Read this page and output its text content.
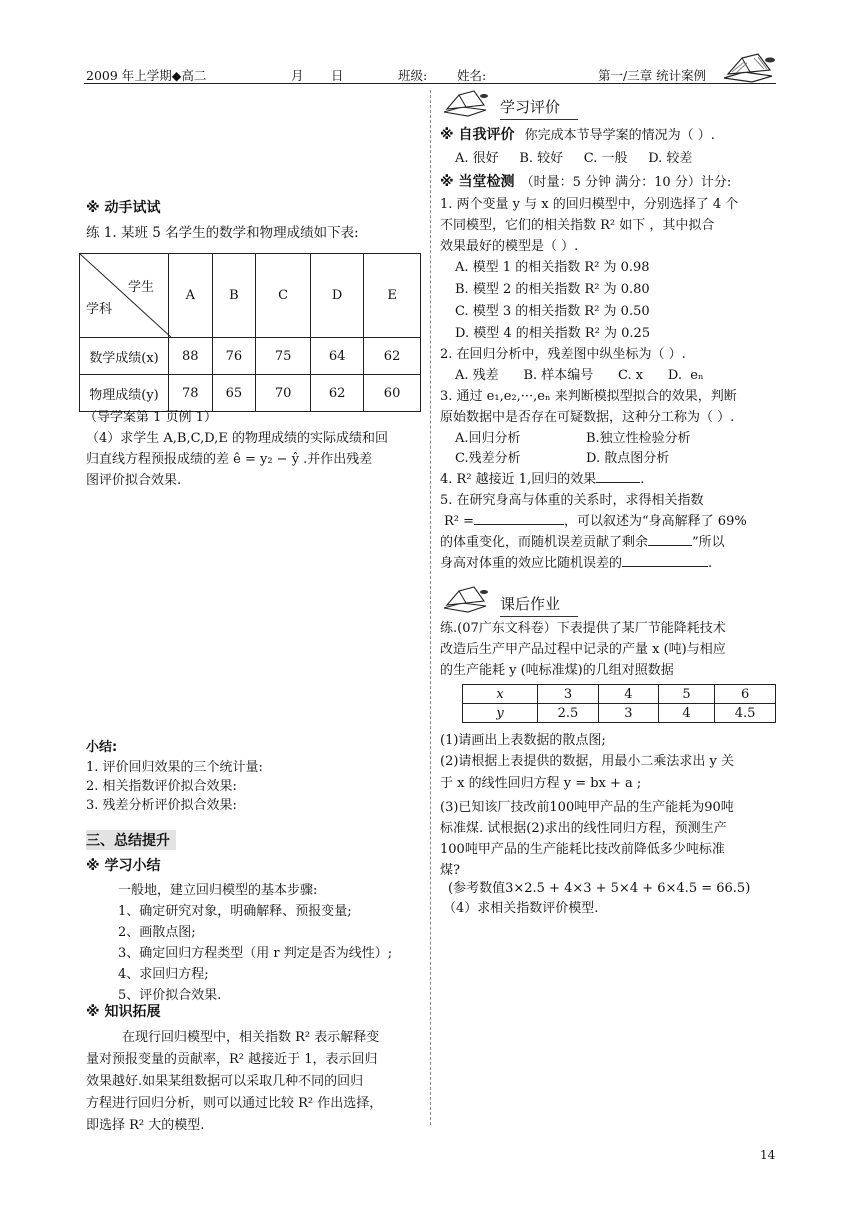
2009 年上学期◆高二	月 日	班级: 姓名:	第一/三章 统计案例
※ 动手试试
练 1. 某班 5 名学生的数学和物理成绩如下表:
学生
学科	A	B	C	D	E
数学成绩(x)	88	76	75	64	62
物理成绩(y)	78	65	70	62	60
（导学案第 1 页例 1）
（4）求学生 A,B,C,D,E 的物理成绩的实际成绩和回
归直线方程预报成绩的差 ê = y₂ − ŷ .并作出残差
图评价拟合效果.
小结:
1. 评价回归效果的三个统计量:
2. 相关指数评价拟合效果:
3. 残差分析评价拟合效果:
三、总结提升
※ 学习小结
一般地，建立回归模型的基本步骤:
1、确定研究对象，明确解释、预报变量;
2、画散点图;
3、确定回归方程类型（用 r 判定是否为线性）;
4、求回归方程;
5、评价拟合效果.
※ 知识拓展
在现行回归模型中，相关指数 R² 表示解释变
量对预报变量的贡献率，R² 越接近于 1，表示回归
效果越好.如果某组数据可以采取几种不同的回归
方程进行回归分析，则可以通过比较 R² 作出选择，
即选择 R² 大的模型.
学习评价
※ 自我评价 你完成本节导学案的情况为（ ）.
A. 很好     B. 较好     C. 一般     D. 较差
※ 当堂检测 （时量：5 分钟 满分：10 分）计分:
1. 两个变量 y 与 x 的回归模型中，分别选择了 4 个
不同模型，它们的相关指数 R² 如下 ，其中拟合
效果最好的模型是（ ）.
A. 模型 1 的相关指数 R² 为 0.98
B. 模型 2 的相关指数 R² 为 0.80
C. 模型 3 的相关指数 R² 为 0.50
D. 模型 4 的相关指数 R² 为 0.25
2. 在回归分析中，残差图中纵坐标为（ ）.
A. 残差      B. 样本编号      C. x      D.  eₙ
3. 通过 e₁,e₂,···,eₙ 来判断模拟型拟合的效果，判断
原始数据中是否存在可疑数据，这种分工称为（ ）.
A.回归分析	B.独立性检验分析
C.残差分析	D. 散点图分析
4. R² 越接近 1,回归的效果	.
5. 在研究身高与体重的关系时，求得相关指数
R² =	，可以叙述为“身高解释了 69%
的体重变化，而随机误差贡献了剩余	”所以
身高对体重的效应比随机误差的	.
课后作业
练.(07广东文科卷）下表提供了某厂节能降耗技术
改造后生产甲产品过程中记录的产量 x (吨)与相应
的生产能耗 y (吨标准煤)的几组对照数据
x	3	4	5	6
y	2.5	3	4	4.5
(1)请画出上表数据的散点图;
(2)请根据上表提供的数据，用最小二乘法求出 y 关
于 x 的线性回归方程 y = bx + a ;
(3)已知该厂技改前100吨甲产品的生产能耗为90吨
标准煤. 试根据(2)求出的线性同归方程，预测生产
100吨甲产品的生产能耗比技改前降低多少吨标准
煤?
(参考数值3×2.5 + 4×3 + 5×4 + 6×4.5 = 66.5)
（4）求相关指数评价模型.
14
